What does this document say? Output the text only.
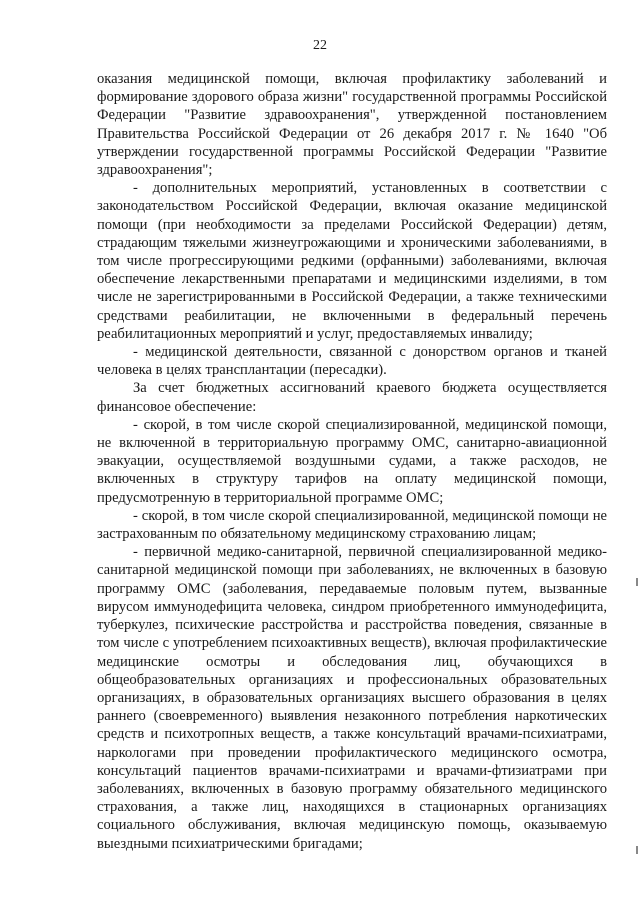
22

оказания медицинской помощи, включая профилактику заболеваний и формирование здорового образа жизни" государственной программы Российской Федерации "Развитие здравоохранения", утвержденной постановлением Правительства Российской Федерации от 26 декабря 2017 г. № 1640 "Об утверждении государственной программы Российской Федерации "Развитие здравоохранения";

- дополнительных мероприятий, установленных в соответствии с законодательством Российской Федерации, включая оказание медицинской помощи (при необходимости за пределами Российской Федерации) детям, страдающим тяжелыми жизнеугрожающими и хроническими заболеваниями, в том числе прогрессирующими редкими (орфанными) заболеваниями, включая обеспечение лекарственными препаратами и медицинскими изделиями, в том числе не зарегистрированными в Российской Федерации, а также техническими средствами реабилитации, не включенными в федеральный перечень реабилитационных мероприятий и услуг, предоставляемых инвалиду;

- медицинской деятельности, связанной с донорством органов и тканей человека в целях трансплантации (пересадки).

За счет бюджетных ассигнований краевого бюджета осуществляется финансовое обеспечение:

- скорой, в том числе скорой специализированной, медицинской помощи, не включенной в территориальную программу ОМС, санитарно-авиационной эвакуации, осуществляемой воздушными судами, а также расходов, не включенных в структуру тарифов на оплату медицинской помощи, предусмотренную в территориальной программе ОМС;

- скорой, в том числе скорой специализированной, медицинской помощи не застрахованным по обязательному медицинскому страхованию лицам;

- первичной медико-санитарной, первичной специализированной медико-санитарной медицинской помощи при заболеваниях, не включенных в базовую программу ОМС (заболевания, передаваемые половым путем, вызванные вирусом иммунодефицита человека, синдром приобретенного иммунодефицита, туберкулез, психические расстройства и расстройства поведения, связанные в том числе с употреблением психоактивных веществ), включая профилактические медицинские осмотры и обследования лиц, обучающихся в общеобразовательных организациях и профессиональных образовательных организациях, в образовательных организациях высшего образования в целях раннего (своевременного) выявления незаконного потребления наркотических средств и психотропных веществ, а также консультаций врачами-психиатрами, наркологами при проведении профилактического медицинского осмотра, консультаций пациентов врачами-психиатрами и врачами-фтизиатрами при заболеваниях, включенных в базовую программу обязательного медицинского страхования, а также лиц, находящихся в стационарных организациях социального обслуживания, включая медицинскую помощь, оказываемую выездными психиатрическими бригадами;
